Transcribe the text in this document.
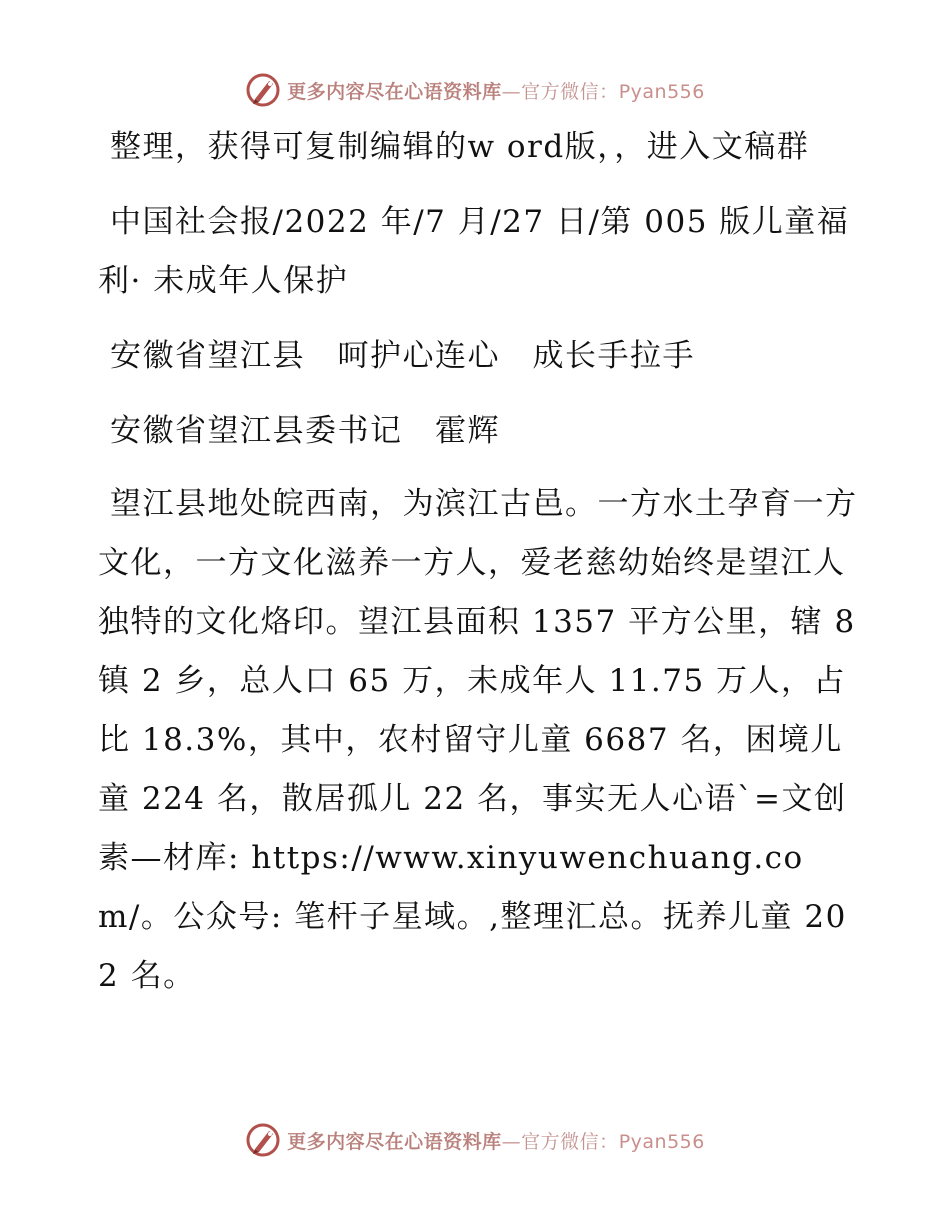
更多内容尽在心语资料库—官方微信：Pyan556

整理，获得可复制编辑的w ord版，，进入文稿群

中国社会报/2022 年/7 月/27 日/第 005 版儿童福利· 未成年人保护

安徽省望江县　呵护心连心　成长手拉手

安徽省望江县委书记　霍辉

望江县地处皖西南，为滨江古邑。一方水土孕育一方文化，一方文化滋养一方人，爱老慈幼始终是望江人独特的文化烙印。望江县面积 1357 平方公里，辖 8 镇 2 乡，总人口 65 万，未成年人 11.75 万人，占比 18.3%，其中，农村留守儿童 6687 名，困境儿童 224 名，散居孤儿 22 名，事实无人心语`=文创素—材库: https://www.xinyuwenchuang.com/。公众号: 笔杆子星域。,整理汇总。抚养儿童 202 名。

更多内容尽在心语资料库—官方微信：Pyan556
